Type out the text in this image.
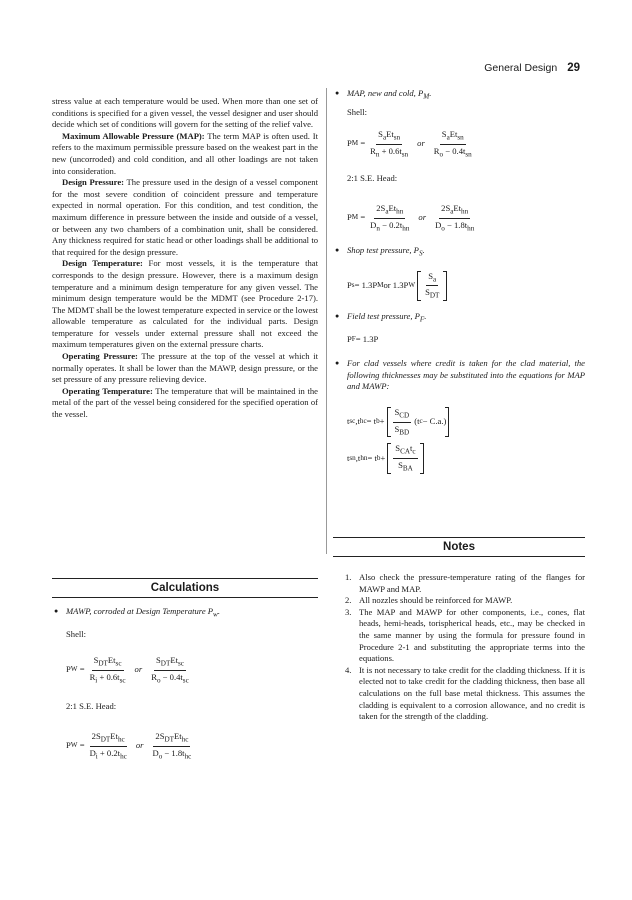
General Design 29

stress value at each temperature would be used. When more than one set of conditions is specified for a given vessel, the vessel designer and user should decide which set of conditions will govern for the setting of the relief valve.

Maximum Allowable Pressure (MAP): The term MAP is often used. It refers to the maximum permissible pressure based on the weakest part in the new (uncorroded) and cold condition, and all other loadings are not taken into consideration.

Design Pressure: The pressure used in the design of a vessel component for the most severe condition of coincident pressure and temperature expected in normal operation. For this condition, and test condition, the maximum difference in pressure between the inside and outside of a vessel, or between any two chambers of a combination unit, shall be considered. Any thickness required for static head or other loadings shall be additional to that required for the design pressure.

Design Temperature: For most vessels, it is the temperature that corresponds to the design pressure. However, there is a maximum design temperature and a minimum design temperature for any given vessel. The minimum design temperature would be the MDMT (see Procedure 2-17). The MDMT shall be the lowest temperature expected in service or the lowest allowable temperature as calculated for the individual parts. Design temperature for vessels under external pressure shall not exceed the maximum temperatures given on the external pressure charts.

Operating Pressure: The pressure at the top of the vessel at which it normally operates. It shall be lower than the MAWP, design pressure, or the set pressure of any pressure relieving device.

Operating Temperature: The temperature that will be maintained in the metal of the part of the vessel being considered for the specified operation of the vessel.

Calculations
● MAWP, corroded at Design Temperature $P_w$.
Shell:
P W
= $\frac{S_{DT}Et_{sc}}{R_i + 0.6t_{sc}}$ or $\frac{S_{DT}Et_{sc}}{R_o - 0.4t_{sc}}$
2:1 S.E. Head:
P W
= $\frac{2S_{DT}Et_{hc}}{D_i + 0.2t_{hc}}$ or $\frac{2S_{DT}Et_{hc}}{D_o - 1.8t_{hc}}$
● MAP, new and cold, $P_M$.
Shell:
P M
= $\frac{S_aEt_{sn}}{R_n + 0.6t_{sn}}$ or $\frac{S_aEt_{sn}}{R_o - 0.4t_{sn}}$
2:1 S.E. Head:
P M
= $\frac{2S_aEt_{hn}}{D_n - 0.2t_{hn}}$ or $\frac{2S_aEt_{hn}}{D_o - 1.8t_{hn}}$
● Shop test pressure, $P_S$.
P s = 1.3P M or 1.3P W $\frac{S_a}{S_{DT}}$
● Field test pressure, $P_F$.
P F = 1.3P
● For clad vessels where credit is taken for the clad material, the following thicknesses may be substituted into the equations for MAP and MAWP:
t sc ,t hc = t $b + \frac{S_{CD}}{S_{BD}} (t$ c − C.a.)
t sn ,t hn = t $b + \frac{S_{CA}t_c}{S_{BA}}$
Notes
1. Also check the pressure-temperature rating of the flanges for MAWP and MAP.
2. All nozzles should be reinforced for MAWP.
3. The MAP and MAWP for other components, i.e., cones, flat heads, hemi-heads, torispherical heads, etc., may be checked in the same manner by using the formula for pressure found in Procedure 2-1 and substituting the appropriate terms into the equations.
4. It is not necessary to take credit for the cladding thickness. If it is elected not to take credit for the cladding thickness, then base all calculations on the full base metal thickness. This assumes the cladding is equivalent to a corrosion allowance, and no credit is taken for the strength of the cladding.
